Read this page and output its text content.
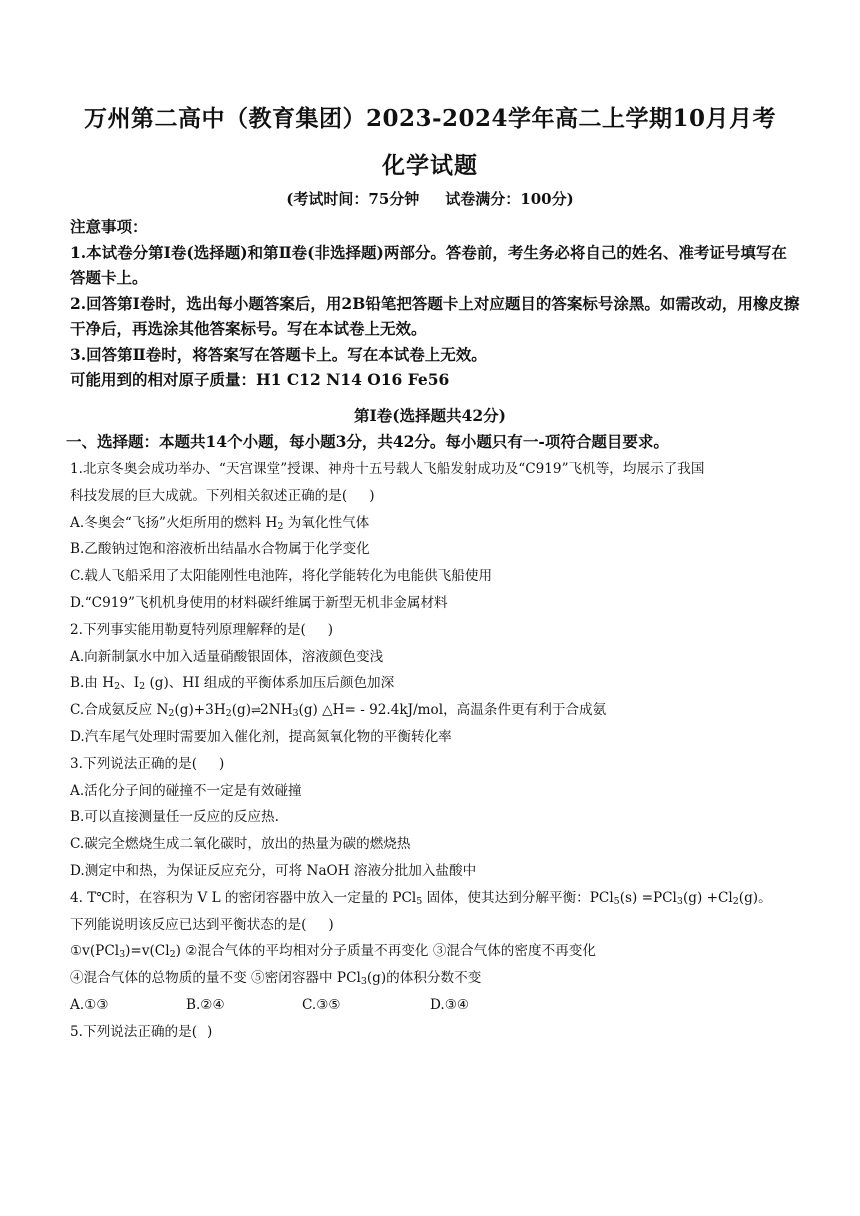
万州第二高中（教育集团）2023-2024学年高二上学期10月月考
化学试题
(考试时间：75分钟 试卷满分：100分)

注意事项：

1.本试卷分第Ⅰ卷(选择题)和第Ⅱ卷(非选择题)两部分。答卷前，考生务必将自己的姓名、准考证号填写在答题卡上。

2.回答第Ⅰ卷时，选出每小题答案后，用2B铅笔把答题卡上对应题目的答案标号涂黑。如需改动，用橡皮擦干净后，再选涂其他答案标号。写在本试卷上无效。

3.回答第Ⅱ卷时，将答案写在答题卡上。写在本试卷上无效。

可能用到的相对原子质量：H1 C12 N14 O16 Fe56

第Ⅰ卷(选择题共42分)
一、选择题：本题共14个小题，每小题3分，共42分。每小题只有一-项符合题目要求。

1.北京冬奥会成功举办、“天宫课堂”授课、神舟十五号载人飞船发射成功及“C919”飞机等，均展示了我国

科技发展的巨大成就。下列相关叙述正确的是( )

A.冬奥会“飞扬”火炬所用的燃料 $H_2$ 为氧化性气体

B.乙酸钠过饱和溶液析出结晶水合物属于化学变化

C.载人飞船采用了太阳能刚性电池阵，将化学能转化为电能供飞船使用

D.“C919”飞机机身使用的材料碳纤维属于新型无机非金属材料

2.下列事实能用勒夏特列原理解释的是( )

A.向新制氯水中加入适量硝酸银固体，溶液颜色变浅

B.由 $H_2$、$I_2$ (g)、HI 组成的平衡体系加压后颜色加深

C.合成氨反应 $N_2(g)+3H_2(g)\rightleftharpoons 2NH_3(g)$ △H= - 92.4kJ/mol，高温条件更有利于合成氨

D.汽车尾气处理时需要加入催化剂，提高氮氧化物的平衡转化率

3.下列说法正确的是( )

A.活化分子间的碰撞不一定是有效碰撞

B.可以直接测量任一反应的反应热.

C.碳完全燃烧生成二氧化碳时，放出的热量为碳的燃烧热

D.测定中和热，为保证反应充分，可将 NaOH 溶液分批加入盐酸中

4. T℃时，在容积为 V L 的密闭容器中放入一定量的 PCl$_5$ 固体，使其达到分解平衡：$PCl_5(s) =PCl_3(g) +Cl_2(g)$。

下列能说明该反应已达到平衡状态的是( )

$①v(PCl_3)=v(Cl_2)$ ②混合气体的平均相对分子质量不再变化 ③混合气体的密度不再变化

④混合气体的总物质的量不变 ⑤密闭容器中 PCl$_3$(g)的体积分数不变

A.①③	B.②④	C.③⑤	D.③④

5.下列说法正确的是( )
